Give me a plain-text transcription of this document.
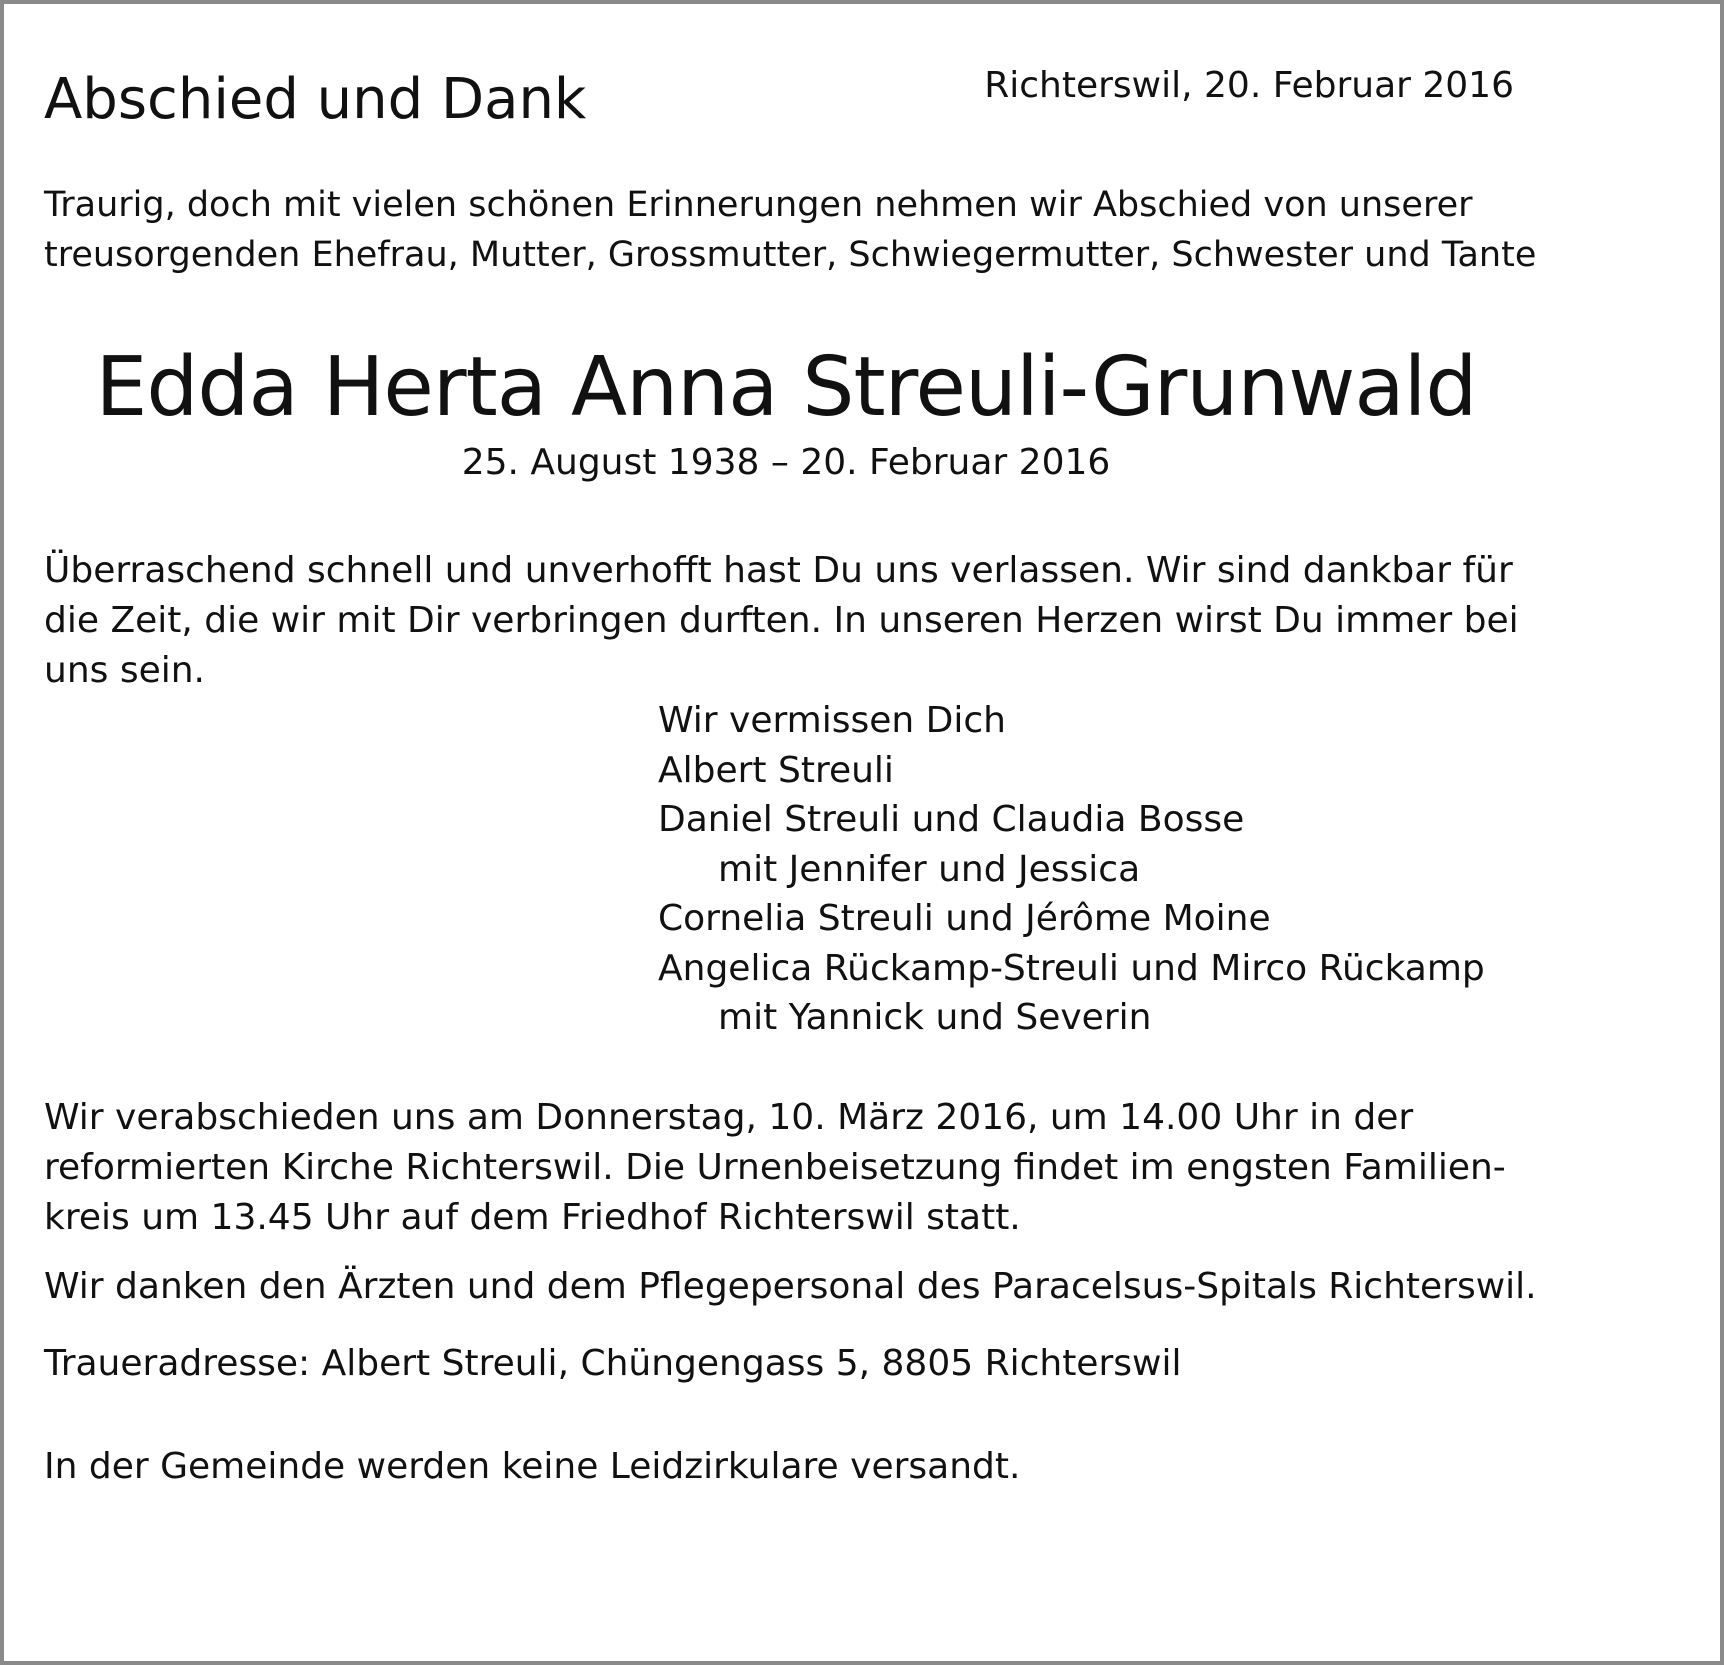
Abschied und Dank	Richterswil, 20. Februar 2016
Traurig, doch mit vielen schönen Erinnerungen nehmen wir Abschied von unserer
treusorgenden Ehefrau, Mutter, Grossmutter, Schwiegermutter, Schwester und Tante
Edda Herta Anna Streuli-Grunwald
25. August 1938 – 20. Februar 2016
Überraschend schnell und unverhofft hast Du uns verlassen. Wir sind dankbar für
die Zeit, die wir mit Dir verbringen durften. In unseren Herzen wirst Du immer bei
uns sein.
Wir vermissen Dich
Albert Streuli
Daniel Streuli und Claudia Bosse
mit Jennifer und Jessica
Cornelia Streuli und Jérôme Moine
Angelica Rückamp-Streuli und Mirco Rückamp
mit Yannick und Severin
Wir verabschieden uns am Donnerstag, 10. März 2016, um 14.00 Uhr in der
reformierten Kirche Richterswil. Die Urnenbeisetzung findet im engsten Familien-
kreis um 13.45 Uhr auf dem Friedhof Richterswil statt.
Wir danken den Ärzten und dem Pflegepersonal des Paracelsus-Spitals Richterswil.
Traueradresse: Albert Streuli, Chüngengass 5, 8805 Richterswil
In der Gemeinde werden keine Leidzirkulare versandt.
